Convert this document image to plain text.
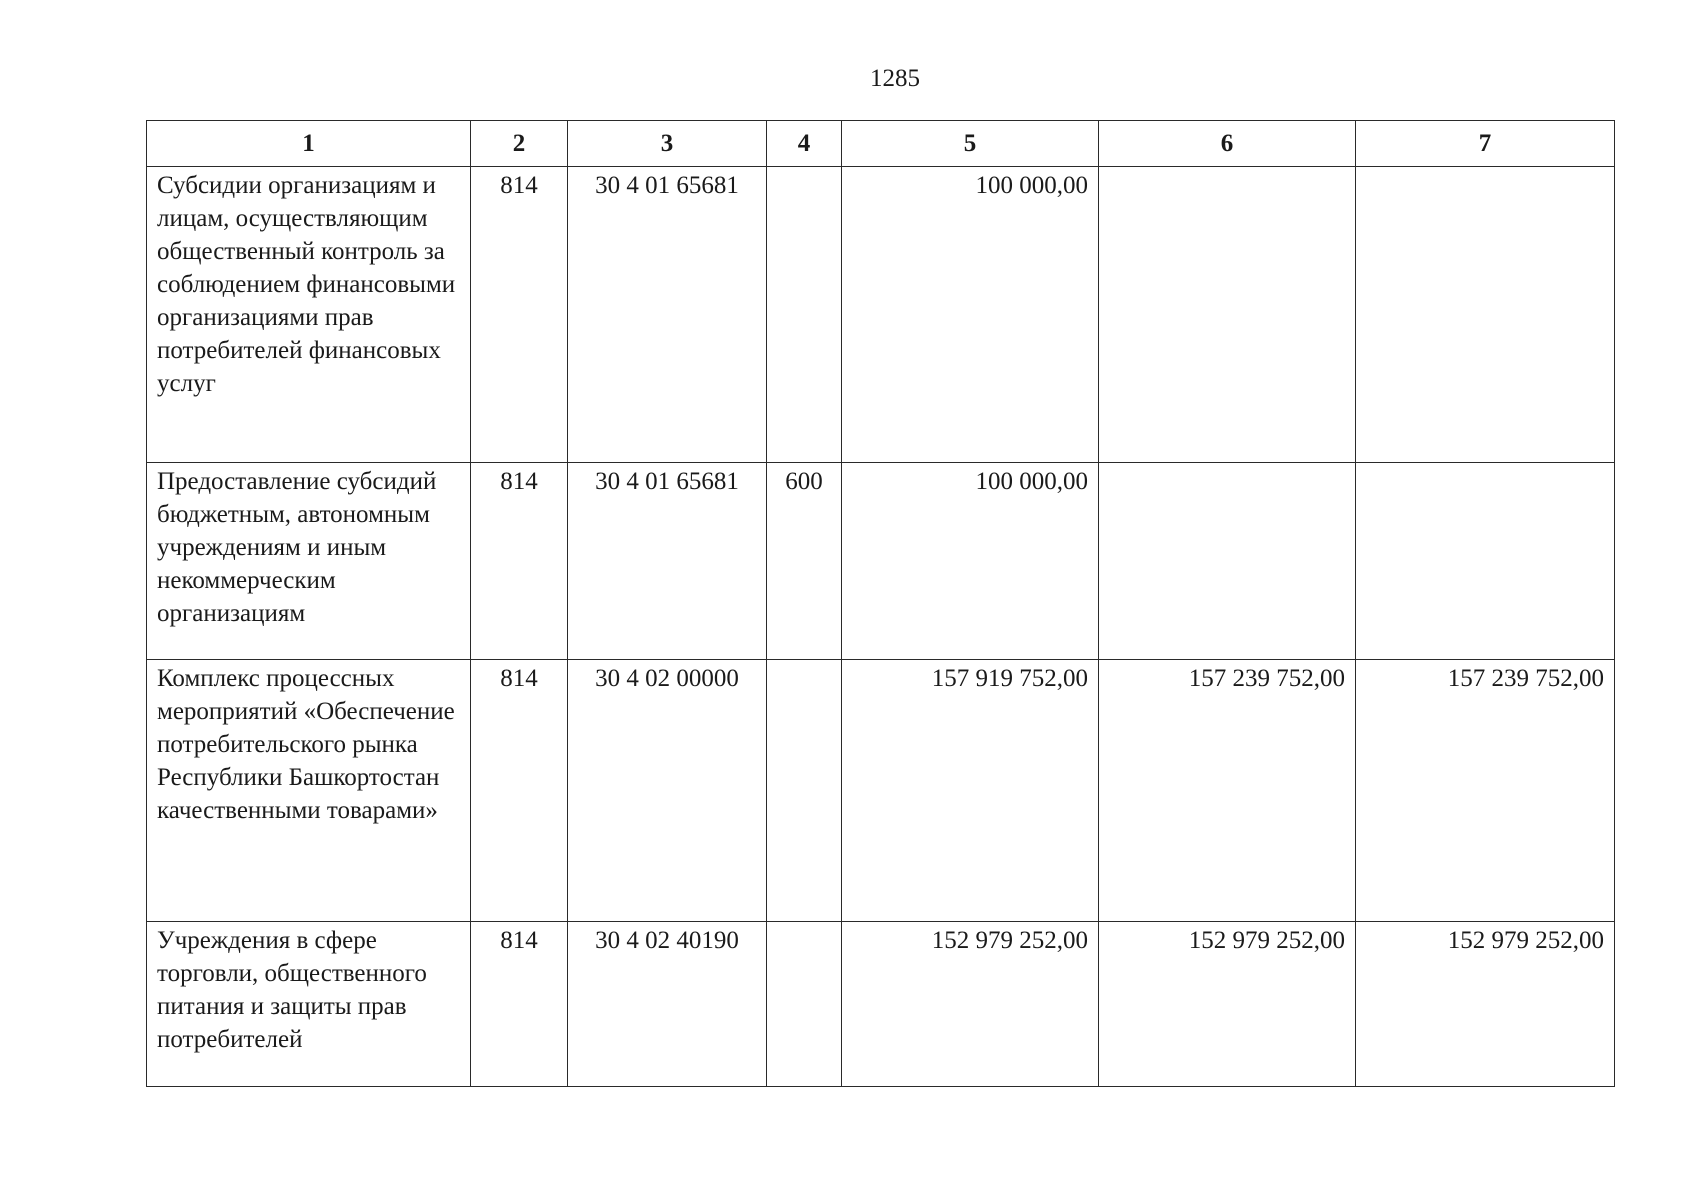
1285
1	2	3	4	5	6	7
Субсидии организациям и лицам, осуществляющим общественный контроль за соблюдением финансовыми организациями прав потребителей финансовых услуг	814	30 4 01 65681		100 000,00		
Предоставление субсидий бюджетным, автономным учреждениям и иным некоммерческим организациям	814	30 4 01 65681	600	100 000,00		
Комплекс процессных мероприятий «Обеспечение потребительского рынка Республики Башкортостан качественными товарами»	814	30 4 02 00000		157 919 752,00	157 239 752,00	157 239 752,00
Учреждения в сфере торговли, общественного питания и защиты прав потребителей	814	30 4 02 40190		152 979 252,00	152 979 252,00	152 979 252,00
